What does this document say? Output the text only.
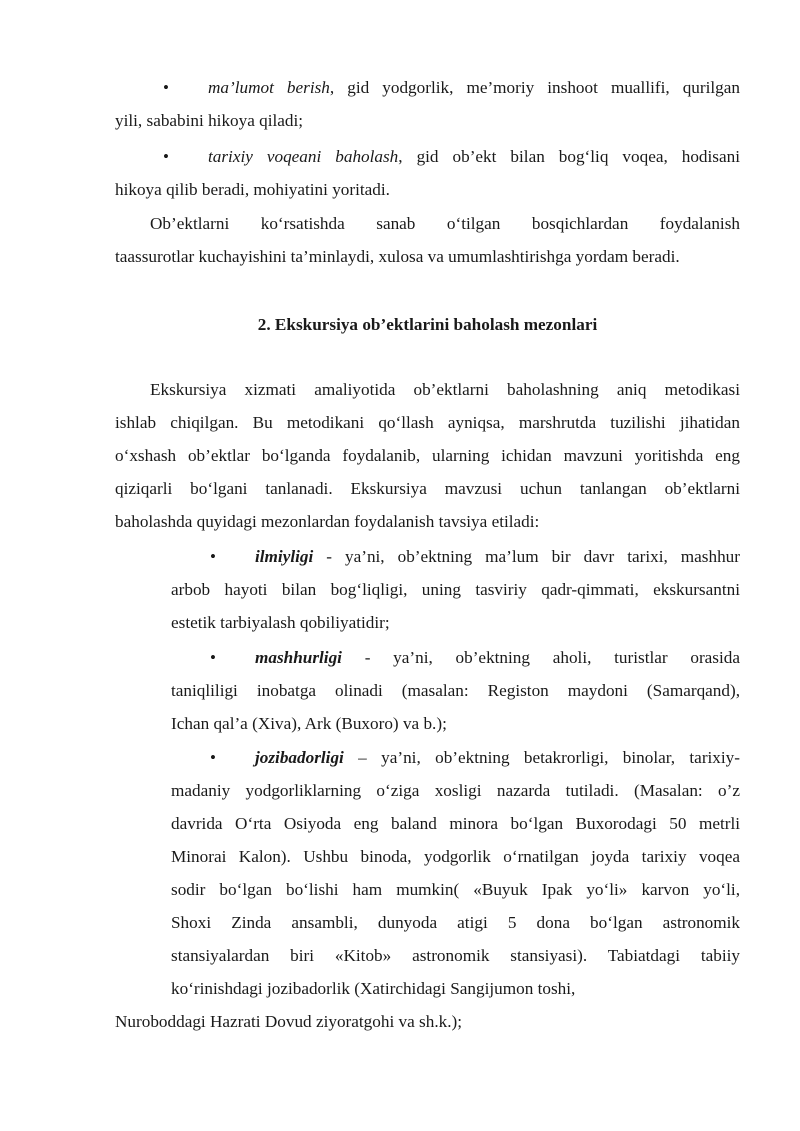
• ma’lumot berish, gid yodgorlik, me’moriy inshoot muallifi, qurilgan
yili, sababini hikoya qiladi;
• tarixiy voqeani baholash, gid ob’ekt bilan bog‘liq voqea, hodisani
hikoya qilib beradi, mohiyatini yoritadi.
Ob’ektlarni ko‘rsatishda sanab o‘tilgan bosqichlardan foydalanish
taassurotlar kuchayishini ta’minlaydi, xulosa va umumlashtirishga yordam beradi.
2. Ekskursiya ob’ektlarini baholash mezonlari
Ekskursiya xizmati amaliyotida ob’ektlarni baholashning aniq metodikasi
ishlab chiqilgan. Bu metodikani qo‘llash ayniqsa, marshrutda tuzilishi jihatidan
o‘xshash ob’ektlar bo‘lganda foydalanib, ularning ichidan mavzuni yoritishda eng
qiziqarli bo‘lgani tanlanadi. Ekskursiya mavzusi uchun tanlangan ob’ektlarni
baholashda quyidagi mezonlardan foydalanish tavsiya etiladi:
• ilmiyligi - ya’ni, ob’ektning ma’lum bir davr tarixi, mashhur
arbob hayoti bilan bog‘liqligi, uning tasviriy qadr-qimmati, ekskursantni
estetik tarbiyalash qobiliyatidir;
• mashhurligi - ya’ni, ob’ektning aholi, turistlar orasida
taniqliligi inobatga olinadi (masalan: Registon maydoni (Samarqand),
Ichan qal’a (Xiva), Ark (Buxoro) va b.);
• jozibadorligi – ya’ni, ob’ektning betakrorligi, binolar, tarixiy-
madaniy yodgorliklarning o‘ziga xosligi nazarda tutiladi. (Masalan: o’z
davrida O‘rta Osiyoda eng baland minora bo‘lgan Buxorodagi 50 metrli
Minorai Kalon). Ushbu binoda, yodgorlik o‘rnatilgan joyda tarixiy voqea
sodir bo‘lgan bo‘lishi ham mumkin( «Buyuk Ipak yo‘li» karvon yo‘li,
Shoxi Zinda ansambli, dunyoda atigi 5 dona bo‘lgan astronomik
stansiyalardan biri «Kitob» astronomik stansiyasi). Tabiatdagi tabiiy
ko‘rinishdagi jozibadorlik (Xatirchidagi Sangijumon toshi,
Nuroboddagi Hazrati Dovud ziyoratgohi va sh.k.);
